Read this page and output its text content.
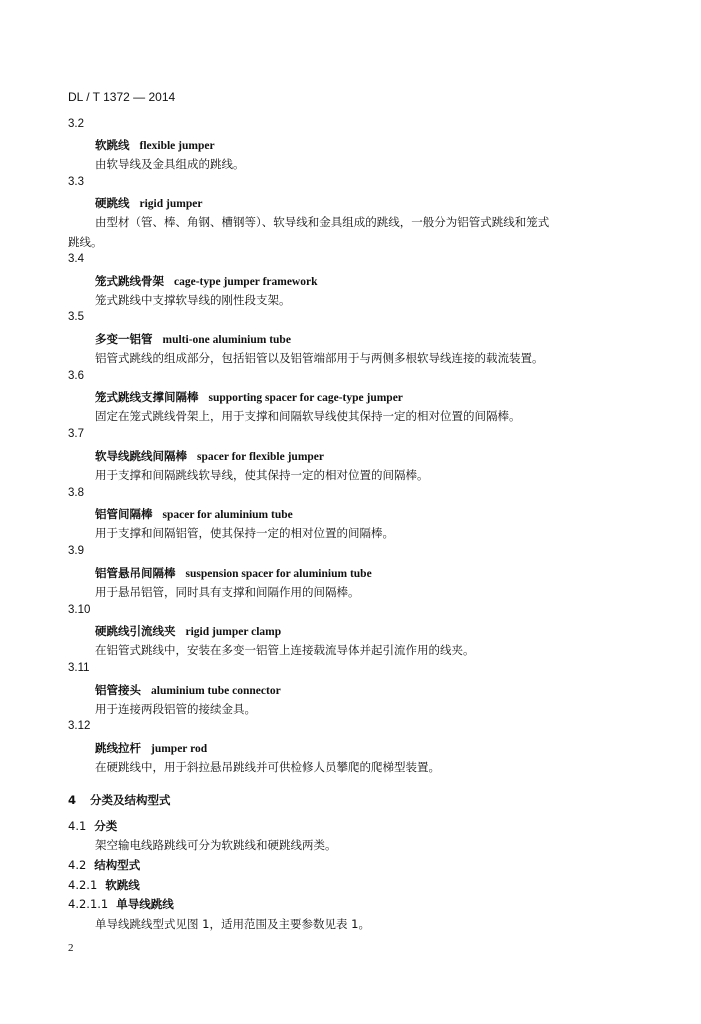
DL / T 1372 — 2014
3.2
软跳线 flexible jumper
由软导线及金具组成的跳线。
3.3
硬跳线 rigid jumper
由型材（管、棒、角钢、槽钢等）、软导线和金具组成的跳线，一般分为铝管式跳线和笼式
跳线。
3.4
笼式跳线骨架 cage-type jumper framework
笼式跳线中支撑软导线的刚性段支架。
3.5
多变一铝管 multi-one aluminium tube
铝管式跳线的组成部分，包括铝管以及铝管端部用于与两侧多根软导线连接的载流装置。
3.6
笼式跳线支撑间隔棒 supporting spacer for cage-type jumper
固定在笼式跳线骨架上，用于支撑和间隔软导线使其保持一定的相对位置的间隔棒。
3.7
软导线跳线间隔棒 spacer for flexible jumper
用于支撑和间隔跳线软导线，使其保持一定的相对位置的间隔棒。
3.8
铝管间隔棒 spacer for aluminium tube
用于支撑和间隔铝管，使其保持一定的相对位置的间隔棒。
3.9
铝管悬吊间隔棒 suspension spacer for aluminium tube
用于悬吊铝管，同时具有支撑和间隔作用的间隔棒。
3.10
硬跳线引流线夹 rigid jumper clamp
在铝管式跳线中，安装在多变一铝管上连接载流导体并起引流作用的线夹。
3.11
铝管接头 aluminium tube connector
用于连接两段铝管的接续金具。
3.12
跳线拉杆 jumper rod
在硬跳线中，用于斜拉悬吊跳线并可供检修人员攀爬的爬梯型装置。
4 分类及结构型式
4.1 分类
架空输电线路跳线可分为软跳线和硬跳线两类。
4.2 结构型式
4.2.1 软跳线
4.2.1.1 单导线跳线
单导线跳线型式见图 1，适用范围及主要参数见表 1。
2
